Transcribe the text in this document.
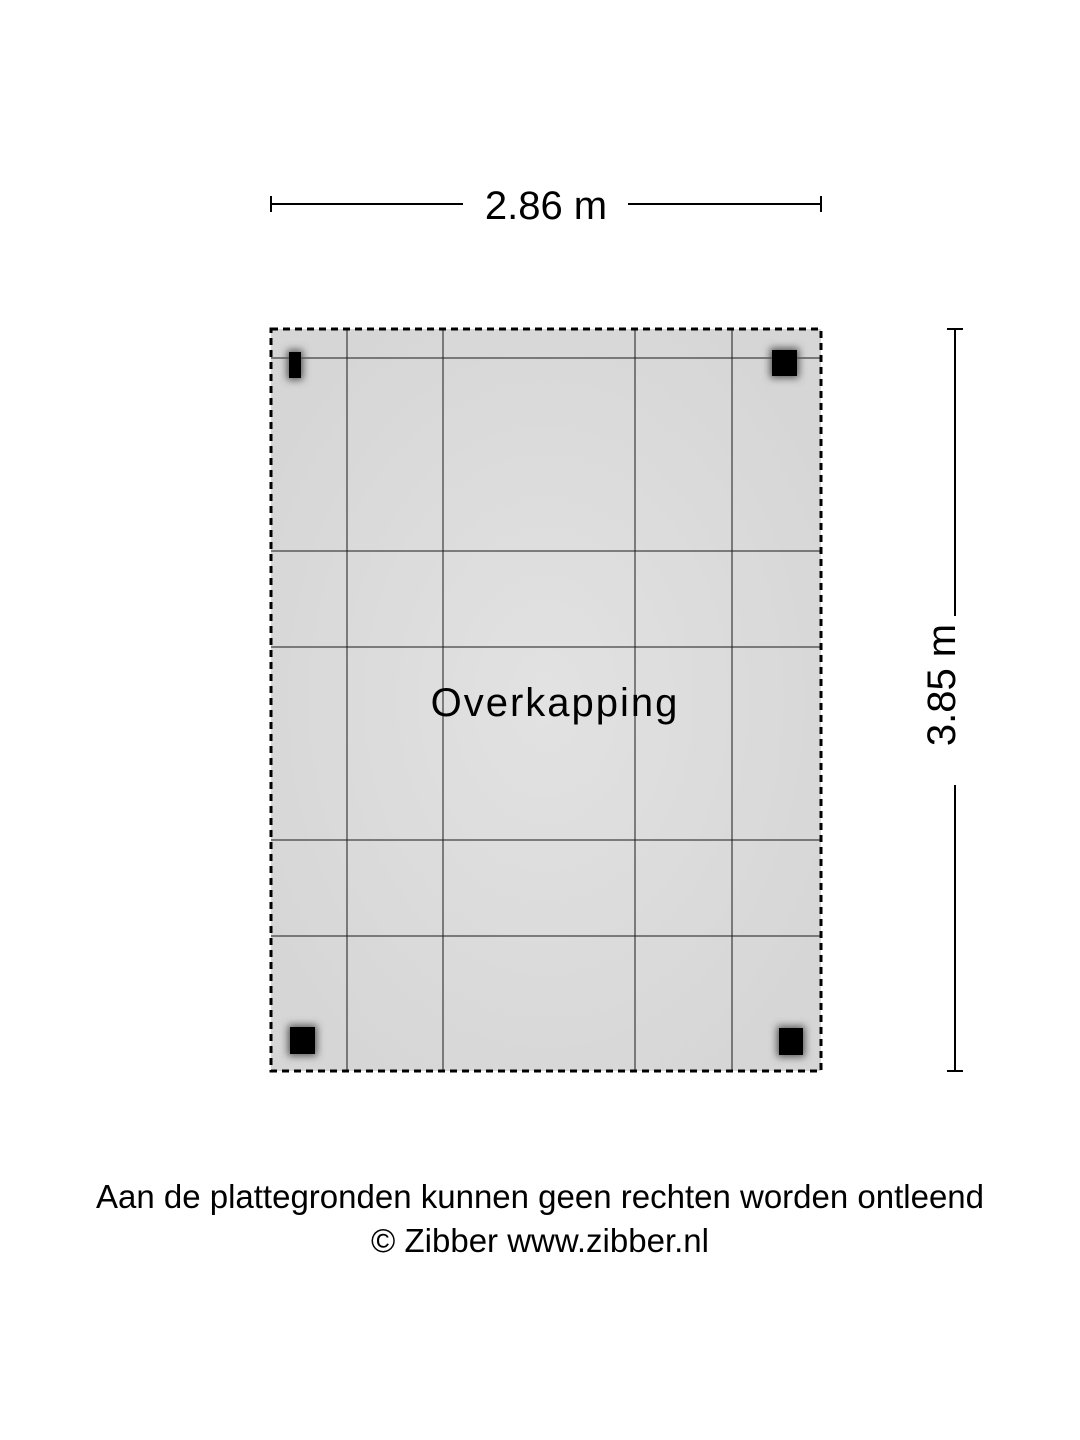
2.86 m
3.85 m
Overkapping
Aan de plattegronden kunnen geen rechten worden ontleend
© Zibber www.zibber.nl
